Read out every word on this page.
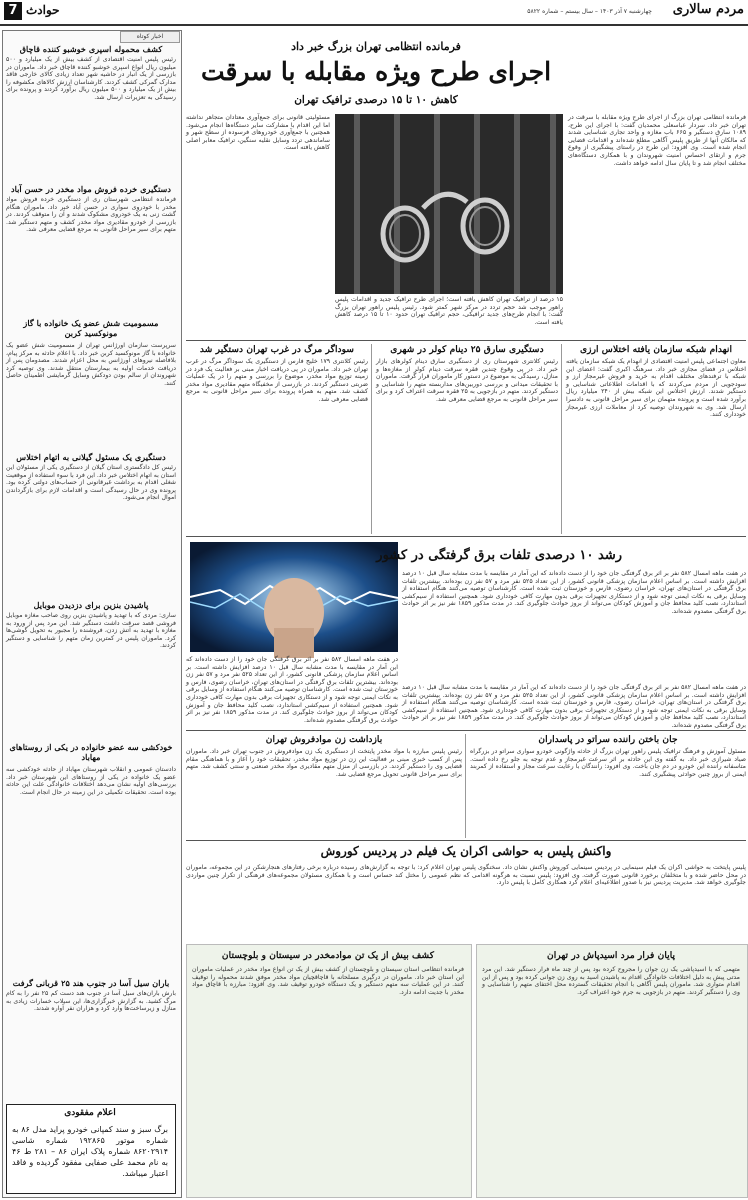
مردم سالاری
چهارشنبه ۷ آذر ۱۴۰۳ – سال بیستم – شماره ۵۸۲۲
حوادث
7
فرمانده انتظامی تهران بزرگ خبر داد
اجرای طرح ویژه مقابله با سرقت
کاهش ۱۰ تا ۱۵ درصدی ترافیک تهران
فرمانده انتظامی تهران بزرگ از اجرای طرح ویژه مقابله با سرقت در تهران خبر داد. سردار عباسعلی محمدیان گفت: با اجرای این طرح، ۱۰۸۹ سارق دستگیر و ۶۶۵ باب مغازه و واحد تجاری شناسایی شدند که مالکان آنها از طریق پلیس آگاهی مطلع شده‌اند و اقدامات قضایی انجام شده است. وی افزود: این طرح در راستای پیشگیری از وقوع جرم و ارتقای احساس امنیت شهروندان و با همکاری دستگاه‌های مختلف انجام شد و تا پایان سال ادامه خواهد داشت.
۱۵ درصد از ترافیک تهران کاهش یافته است؛ اجرای طرح ترافیک جدید و اقدامات پلیس راهور موجب شد حجم تردد در مرکز شهر کمتر شود. رئیس پلیس راهور تهران بزرگ گفت: با انجام طرح‌های جدید ترافیکی، حجم ترافیک تهران حدود ۱۰ تا ۱۵ درصد کاهش یافته است.
مسئولیتی قانونی برای جمع‌آوری معتادان متجاهر نداشته اما این اقدام با مشارکت سایر دستگاه‌ها انجام می‌شود. همچنین با جمع‌آوری خودروهای فرسوده از سطح شهر و ساماندهی تردد وسایل نقلیه سنگین، ترافیک معابر اصلی کاهش یافته است.
انهدام شبکه سازمان یافته اختلاس ارزی
معاون اجتماعی پلیس امنیت اقتصادی از انهدام یک شبکه سازمان یافته اختلاس در فضای مجازی خبر داد. سرهنگ اکبری گفت: اعضای این شبکه با ترفندهای مختلف اقدام به خرید و فروش غیرمجاز ارز و سودجویی از مردم می‌کردند که با اقدامات اطلاعاتی شناسایی و دستگیر شدند. ارزش اختلاس این شبکه بیش از ۲۴۰ میلیارد ریال برآورد شده است و پرونده متهمان برای سیر مراحل قانونی به دادسرا ارسال شد. وی به شهروندان توصیه کرد از معاملات ارزی غیرمجاز خودداری کنند.
دستگیری سارق ۲۵ دینام کولر در شهری
رئیس کلانتری شهرستان ری از دستگیری سارق دینام کولرهای بازار خبر داد. در پی وقوع چندین فقره سرقت دینام کولر از مغازه‌ها و منازل، رسیدگی به موضوع در دستور کار ماموران قرار گرفت. ماموران با تحقیقات میدانی و بررسی دوربین‌های مداربسته متهم را شناسایی و دستگیر کردند. متهم در بازجویی به ۲۵ فقره سرقت اعتراف کرد و برای سیر مراحل قانونی به مرجع قضایی معرفی شد.
سوداگر مرگ در غرب تهران دستگیر شد
رئیس کلانتری ۱۷۹ خلیج فارس از دستگیری یک سوداگر مرگ در غرب تهران خبر داد. ماموران در پی دریافت اخبار مبنی بر فعالیت یک فرد در زمینه توزیع مواد مخدر، موضوع را بررسی و متهم را در یک عملیات ضربتی دستگیر کردند. در بازرسی از مخفیگاه متهم مقادیری مواد مخدر کشف شد. متهم به همراه پرونده برای سیر مراحل قانونی به مرجع قضایی معرفی شد.
رشد ۱۰ درصدی تلفات برق گرفتگی در کشور
در هفت ماهه امسال ۵۸۲ نفر بر اثر برق گرفتگی جان خود را از دست داده‌اند که این آمار در مقایسه با مدت مشابه سال قبل ۱۰ درصد افزایش داشته است. بر اساس اعلام سازمان پزشکی قانونی کشور، از این تعداد ۵۲۵ نفر مرد و ۵۷ نفر زن بوده‌اند. بیشترین تلفات برق گرفتگی در استان‌های تهران، خراسان رضوی، فارس و خوزستان ثبت شده است. کارشناسان توصیه می‌کنند هنگام استفاده از وسایل برقی به نکات ایمنی توجه شود و از دستکاری تجهیزات برقی بدون مهارت کافی خودداری شود. همچنین استفاده از سیم‌کشی استاندارد، نصب کلید محافظ جان و آموزش کودکان می‌تواند از بروز حوادث جلوگیری کند. در مدت مذکور ۱۸۵۹ نفر نیز بر اثر حوادث برق گرفتگی مصدوم شده‌اند.
در هفت ماهه امسال ۵۸۲ نفر بر اثر برق گرفتگی جان خود را از دست داده‌اند که این آمار در مقایسه با مدت مشابه سال قبل ۱۰ درصد افزایش داشته است. بر اساس اعلام سازمان پزشکی قانونی کشور، از این تعداد ۵۲۵ نفر مرد و ۵۷ نفر زن بوده‌اند. بیشترین تلفات برق گرفتگی در استان‌های تهران، خراسان رضوی، فارس و خوزستان ثبت شده است. کارشناسان توصیه می‌کنند هنگام استفاده از وسایل برقی به نکات ایمنی توجه شود و از دستکاری تجهیزات برقی بدون مهارت کافی خودداری شود. همچنین استفاده از سیم‌کشی استاندارد، نصب کلید محافظ جان و آموزش کودکان می‌تواند از بروز حوادث جلوگیری کند. در مدت مذکور ۱۸۵۹ نفر نیز بر اثر حوادث برق گرفتگی مصدوم شده‌اند.
در هفت ماهه امسال ۵۸۲ نفر بر اثر برق گرفتگی جان خود را از دست داده‌اند که این آمار در مقایسه با مدت مشابه سال قبل ۱۰ درصد افزایش داشته است. بر اساس اعلام سازمان پزشکی قانونی کشور، از این تعداد ۵۲۵ نفر مرد و ۵۷ نفر زن بوده‌اند. بیشترین تلفات برق گرفتگی در استان‌های تهران، خراسان رضوی، فارس و خوزستان ثبت شده است. کارشناسان توصیه می‌کنند هنگام استفاده از وسایل برقی به نکات ایمنی توجه شود و از دستکاری تجهیزات برقی بدون مهارت کافی خودداری شود. همچنین استفاده از سیم‌کشی استاندارد، نصب کلید محافظ جان و آموزش کودکان می‌تواند از بروز حوادث جلوگیری کند. در مدت مذکور ۱۸۵۹ نفر نیز بر اثر حوادث برق گرفتگی مصدوم شده‌اند.
جان باختن راننده سراتو در پاسداران
مسئول آموزش و فرهنگ ترافیک پلیس راهور تهران بزرگ از حادثه واژگونی خودرو سواری سراتو در بزرگراه صیاد شیرازی خبر داد. به گفته وی این حادثه بر اثر سرعت غیرمجاز و عدم توجه به جلو رخ داده است. متاسفانه راننده این خودرو در دم جان باخت. وی افزود: رانندگان با رعایت سرعت مجاز و استفاده از کمربند ایمنی از بروز چنین حوادثی پیشگیری کنند.
بازداشت زن موادفروش تهران
رئیس پلیس مبارزه با مواد مخدر پایتخت از دستگیری یک زن موادفروش در جنوب تهران خبر داد. ماموران پس از کسب خبری مبنی بر فعالیت این زن در توزیع مواد مخدر، تحقیقات خود را آغاز و با هماهنگی مقام قضایی وی را دستگیر کردند. در بازرسی از منزل متهم مقادیری مواد مخدر صنعتی و سنتی کشف شد. متهم برای سیر مراحل قانونی تحویل مرجع قضایی شد.
واکنش پلیس به حواشی اکران یک فیلم در پردیس کوروش
پلیس پایتخت به حواشی اکران یک فیلم سینمایی در پردیس سینمایی کوروش واکنش نشان داد. سخنگوی پلیس تهران اعلام کرد: با توجه به گزارش‌های رسیده درباره برخی رفتارهای هنجارشکن در این مجموعه، ماموران در محل حاضر شده و با متخلفان برخورد قانونی صورت گرفت. وی افزود: پلیس نسبت به هرگونه اقدامی که نظم عمومی را مختل کند حساس است و با همکاری مسئولان مجموعه‌های فرهنگی از تکرار چنین مواردی جلوگیری خواهد شد. مدیریت پردیس نیز با صدور اطلاعیه‌ای اعلام کرد همکاری کامل با پلیس دارد.
پایان فرار مرد اسیدپاش در تهران
متهمی که با اسیدپاشی یک زن جوان را مجروح کرده بود پس از چند ماه فرار دستگیر شد. این مرد مدتی پیش به دلیل اختلافات خانوادگی اقدام به پاشیدن اسید به روی زن جوانی کرده بود و پس از این اقدام متواری شد. ماموران پلیس آگاهی با انجام تحقیقات گسترده محل اختفای متهم را شناسایی و وی را دستگیر کردند. متهم در بازجویی به جرم خود اعتراف کرد.
کشف بیش از یک تن موادمخدر در سیستان و بلوچستان
فرمانده انتظامی استان سیستان و بلوچستان از کشف بیش از یک تن انواع مواد مخدر در عملیات ماموران این استان خبر داد. ماموران در درگیری مسلحانه با قاچاقچیان مواد مخدر موفق شدند محموله را توقیف کنند. در این عملیات سه متهم دستگیر و یک دستگاه خودرو توقیف شد. وی افزود: مبارزه با قاچاق مواد مخدر با جدیت ادامه دارد.
اخبار کوتاه
کشف محموله اسپری خوشبو کننده قاچاق
رئیس پلیس امنیت اقتصادی از کشف بیش از یک میلیارد و ۵۰۰ میلیون ریال انواع اسپری خوشبو کننده قاچاق خبر داد. ماموران در بازرسی از یک انبار در حاشیه شهر تعداد زیادی کالای خارجی فاقد مدارک گمرکی کشف کردند. کارشناسان ارزش کالاهای مکشوفه را بیش از یک میلیارد و ۵۰۰ میلیون ریال برآورد کردند و پرونده برای رسیدگی به تعزیرات ارسال شد.
دستگیری خرده فروش مواد مخدر در حسن آباد
فرمانده انتظامی شهرستان ری از دستگیری خرده فروش مواد مخدر با خودروی سواری در حسن آباد خبر داد. ماموران هنگام گشت زنی به یک خودروی مشکوک شدند و آن را متوقف کردند. در بازرسی از خودرو مقادیری مواد مخدر کشف و متهم دستگیر شد. متهم برای سیر مراحل قانونی به مرجع قضایی معرفی شد.
مسمومیت شش عضو یک خانواده با گاز مونوکسید کربن
سرپرست سازمان اورژانس تهران از مسمومیت شش عضو یک خانواده با گاز مونوکسید کربن خبر داد. با اعلام حادثه به مرکز پیام، بلافاصله نیروهای اورژانس به محل اعزام شدند. مصدومان پس از دریافت خدمات اولیه به بیمارستان منتقل شدند. وی توصیه کرد شهروندان از سالم بودن دودکش وسایل گرمایشی اطمینان حاصل کنند.
دستگیری یک مسئول گیلانی به اتهام اختلاس
رئیس کل دادگستری استان گیلان از دستگیری یکی از مسئولان این استان به اتهام اختلاس خبر داد. این فرد با سوء استفاده از موقعیت شغلی اقدام به برداشت غیرقانونی از حساب‌های دولتی کرده بود. پرونده وی در حال رسیدگی است و اقدامات لازم برای بازگرداندن اموال انجام می‌شود.
پاشیدن بنزین برای دزدیدن موبایل
ساری: مردی که با تهدید و پاشیدن بنزین روی صاحب مغازه موبایل فروشی قصد سرقت داشت دستگیر شد. این مرد پس از ورود به مغازه با تهدید به آتش زدن، فروشنده را مجبور به تحویل گوشی‌ها کرد. ماموران پلیس در کمترین زمان متهم را شناسایی و دستگیر کردند.
خودکشی سه عضو خانواده در یکی از روستاهای مهاباد
دادستان عمومی و انقلاب شهرستان مهاباد از حادثه خودکشی سه عضو یک خانواده در یکی از روستاهای این شهرستان خبر داد. بررسی‌های اولیه نشان می‌دهد اختلافات خانوادگی علت این حادثه بوده است. تحقیقات تکمیلی در این زمینه در حال انجام است.
باران سیل آسا در جنوب هند ۲۵ قربانی گرفت
بارش باران‌های سیل آسا در جنوب هند دست کم ۲۵ نفر را به کام مرگ کشید. به گزارش خبرگزاری‌ها، این سیلاب خسارات زیادی به منازل و زیرساخت‌ها وارد کرد و هزاران نفر آواره شدند.
اعلام مفقودی
برگ سبز و سند کمپانی خودرو پراید مدل ۸۶ به شماره موتور ۱۹۲۸۶۵ شماره شاسی ۸۶۲۰۲۹۱۴ شماره پلاک ایران ۸۶ – ۲۸۱ ط ۴۶ به نام محمد علی صفایی مفقود گردیده و فاقد اعتبار میباشد.
